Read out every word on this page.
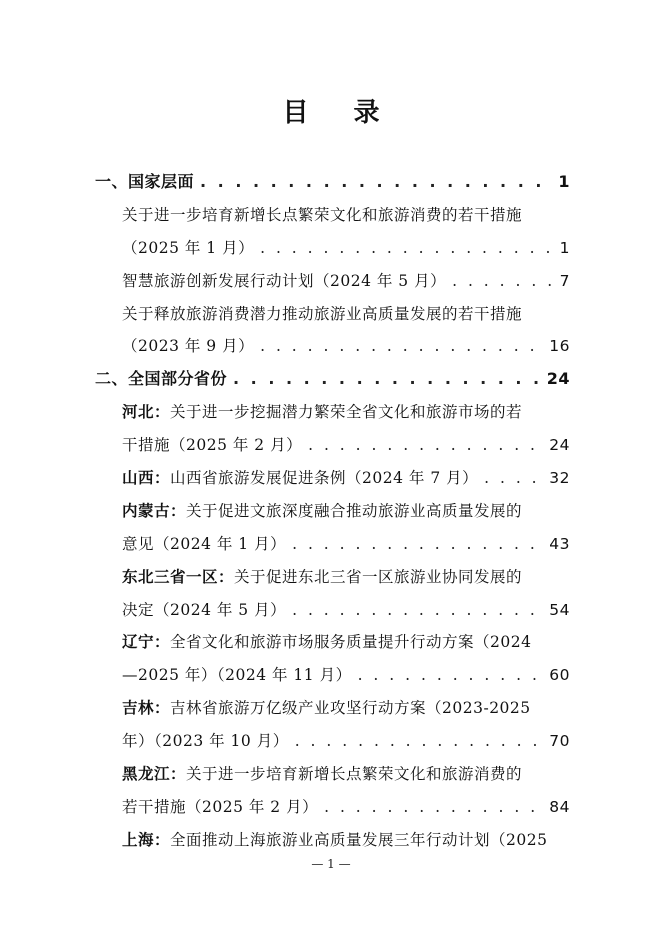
目 录
一、 国家层面 . . .	1
关于进一步培育新增长点繁荣文化和旅游消费的若干措施
（2025 年 1 月） . . .	1
智慧旅游创新发展行动计划（2024 年 5 月） . . .	7
关于释放旅游消费潜力推动旅游业高质量发展的若干措施
（2023 年 9 月） . . .	16
二、 全国部分省份 . . .	24
河北： 关于进一步挖掘潜力繁荣全省文化和旅游市场的若
干措施（2025 年 2 月） . . .	24
山西： 山西省旅游发展促进条例（2024 年 7 月） . . .	32
内蒙古： 关于促进文旅深度融合推动旅游业高质量发展的
意见（2024 年 1 月） . . .	43
东北三省一区： 关于促进东北三省一区旅游业协同发展的
决定（2024 年 5 月） . . .	54
辽宁： 全省文化和旅游市场服务质量提升行动方案（2024
—2025 年）（2024 年 11 月） . . .	60
吉林： 吉林省旅游万亿级产业攻坚行动方案（2023-2025
年）（2023 年 10 月） . . .	70
黑龙江： 关于进一步培育新增长点繁荣文化和旅游消费的
若干措施（2025 年 2 月） . . .	84
上海： 全面推动上海旅游业高质量发展三年行动计划（2025
— 1 —
